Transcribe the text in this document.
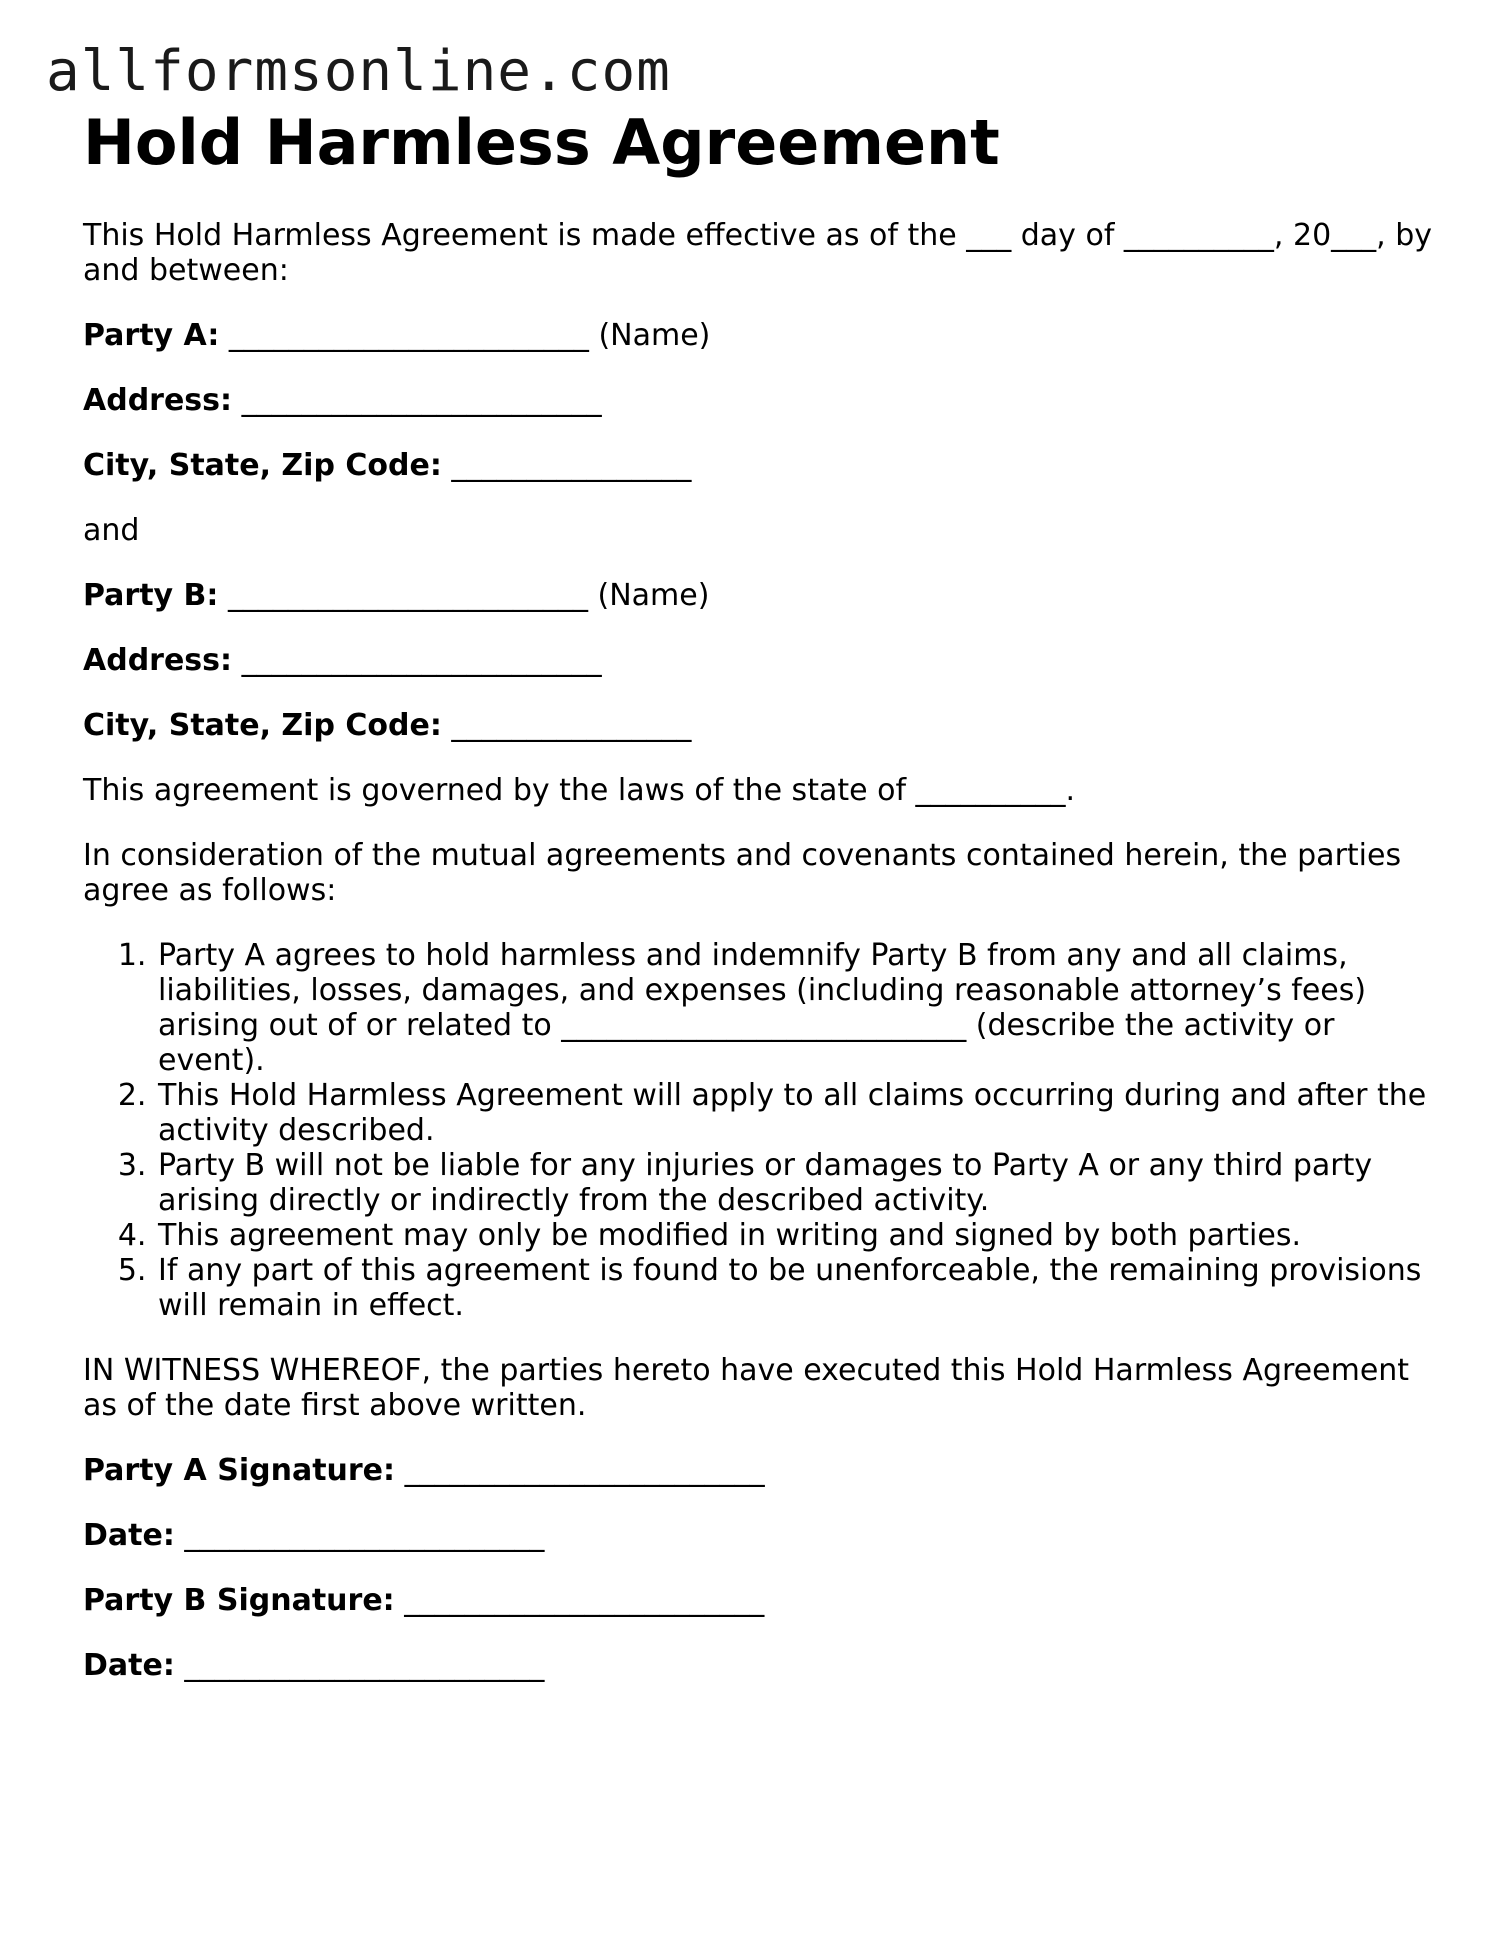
allformsonline.com
Hold Harmless Agreement

This Hold Harmless Agreement is made effective as of the ___ day of __________, 20___, by and between:

Party A: ________________________ (Name)
Address: ________________________
City, State, Zip Code: ________________

and

Party B: ________________________ (Name)
Address: ________________________
City, State, Zip Code: ________________

This agreement is governed by the laws of the state of __________.

In consideration of the mutual agreements and covenants contained herein, the parties agree as follows:

1. Party A agrees to hold harmless and indemnify Party B from any and all claims, liabilities, losses, damages, and expenses (including reasonable attorney’s fees) arising out of or related to ___________________________ (describe the activity or event).
2. This Hold Harmless Agreement will apply to all claims occurring during and after the activity described.
3. Party B will not be liable for any injuries or damages to Party A or any third party arising directly or indirectly from the described activity.
4. This agreement may only be modified in writing and signed by both parties.
5. If any part of this agreement is found to be unenforceable, the remaining provisions will remain in effect.

IN WITNESS WHEREOF, the parties hereto have executed this Hold Harmless Agreement as of the date first above written.

Party A Signature: ________________________
Date: ________________________
Party B Signature: ________________________
Date: ________________________
